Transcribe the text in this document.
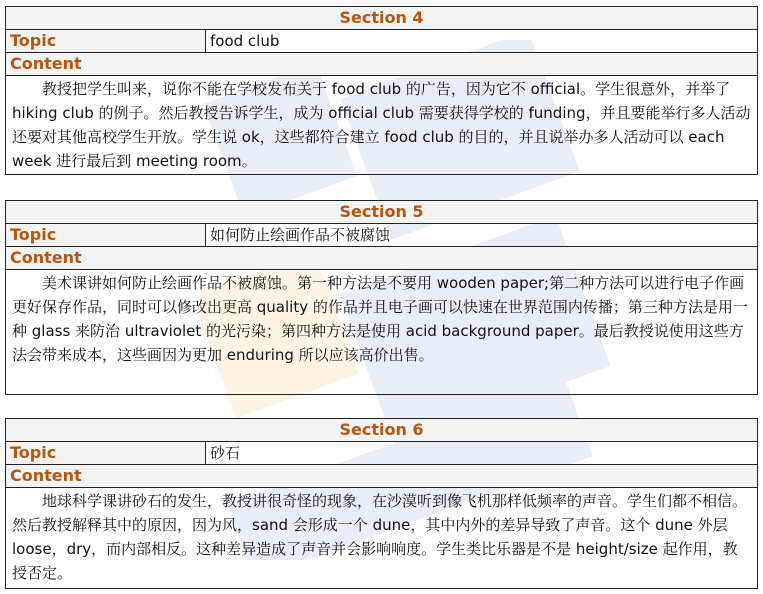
Section 4
Topic	food club
Content
教授把学生叫来，说你不能在学校发布关于 food club 的广告，因为它不 official。学生很意外，并举了 hiking club 的例子。然后教授告诉学生，成为 official club 需要获得学校的 funding，并且要能举行多人活动还要对其他高校学生开放。学生说 ok，这些都符合建立 food club 的目的，并且说举办多人活动可以 each week 进行最后到 meeting room。
Section 5
Topic	如何防止绘画作品不被腐蚀
Content
美术课讲如何防止绘画作品不被腐蚀。第一种方法是不要用 wooden paper;第二种方法可以进行电子作画更好保存作品，同时可以修改出更高 quality 的作品并且电子画可以快速在世界范围内传播；第三种方法是用一种 glass 来防治 ultraviolet 的光污染；第四种方法是使用 acid background paper。最后教授说使用这些方法会带来成本，这些画因为更加 enduring 所以应该高价出售。
Section 6
Topic	砂石
Content
地球科学课讲砂石的发生，教授讲很奇怪的现象，在沙漠听到像飞机那样低频率的声音。学生们都不相信。然后教授解释其中的原因，因为风，sand 会形成一个 dune，其中内外的差异导致了声音。这个 dune 外层 loose，dry，而内部相反。这种差异造成了声音并会影响响度。学生类比乐器是不是 height/size 起作用，教授否定。
